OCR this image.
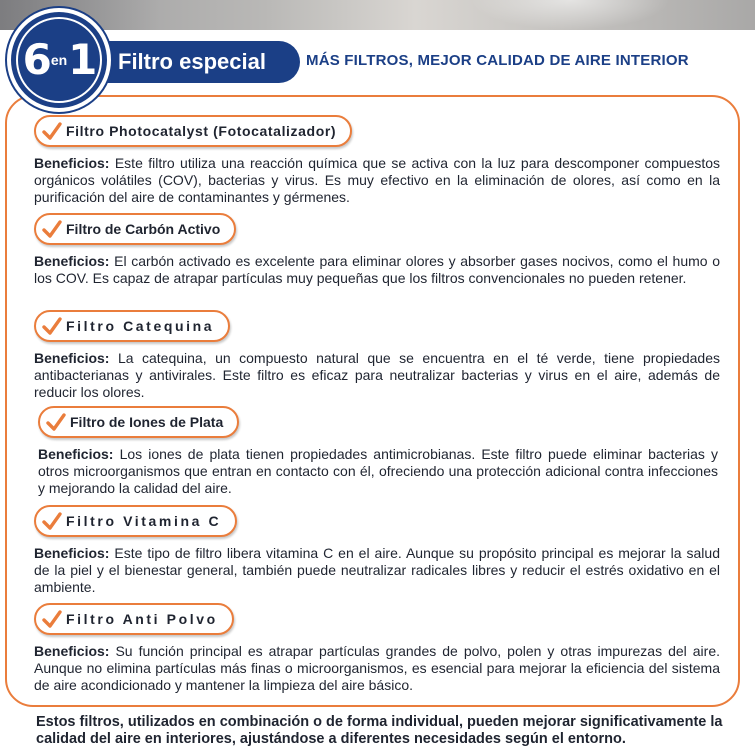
6 en 1 Filtro especial	MÁS FILTROS, MEJOR CALIDAD DE AIRE INTERIOR
Filtro Photocatalyst (Fotocatalizador)

Beneficios: Este filtro utiliza una reacción química que se activa con la luz para descomponer compuestos orgánicos volátiles (COV), bacterias y virus. Es muy efectivo en la eliminación de olores, así como en la purificación del aire de contaminantes y gérmenes.

Filtro de Carbón Activo

Beneficios: El carbón activado es excelente para eliminar olores y absorber gases nocivos, como el humo o los COV. Es capaz de atrapar partículas muy pequeñas que los filtros convencionales no pueden retener.

Filtro Catequina

Beneficios: La catequina, un compuesto natural que se encuentra en el té verde, tiene propiedades antibacterianas y antivirales. Este filtro es eficaz para neutralizar bacterias y virus en el aire, además de reducir los olores.

Filtro de Iones de Plata

Beneficios: Los iones de plata tienen propiedades antimicrobianas. Este filtro puede eliminar bacterias y otros microorganismos que entran en contacto con él, ofreciendo una protección adicional contra infecciones y mejorando la calidad del aire.

Filtro Vitamina C

Beneficios: Este tipo de filtro libera vitamina C en el aire. Aunque su propósito principal es mejorar la salud de la piel y el bienestar general, también puede neutralizar radicales libres y reducir el estrés oxidativo en el ambiente.

Filtro Anti Polvo

Beneficios: Su función principal es atrapar partículas grandes de polvo, polen y otras impurezas del aire. Aunque no elimina partículas más finas o microorganismos, es esencial para mejorar la eficiencia del sistema de aire acondicionado y mantener la limpieza del aire básico.

Estos filtros, utilizados en combinación o de forma individual, pueden mejorar significativamente la calidad del aire en interiores, ajustándose a diferentes necesidades según el entorno.
